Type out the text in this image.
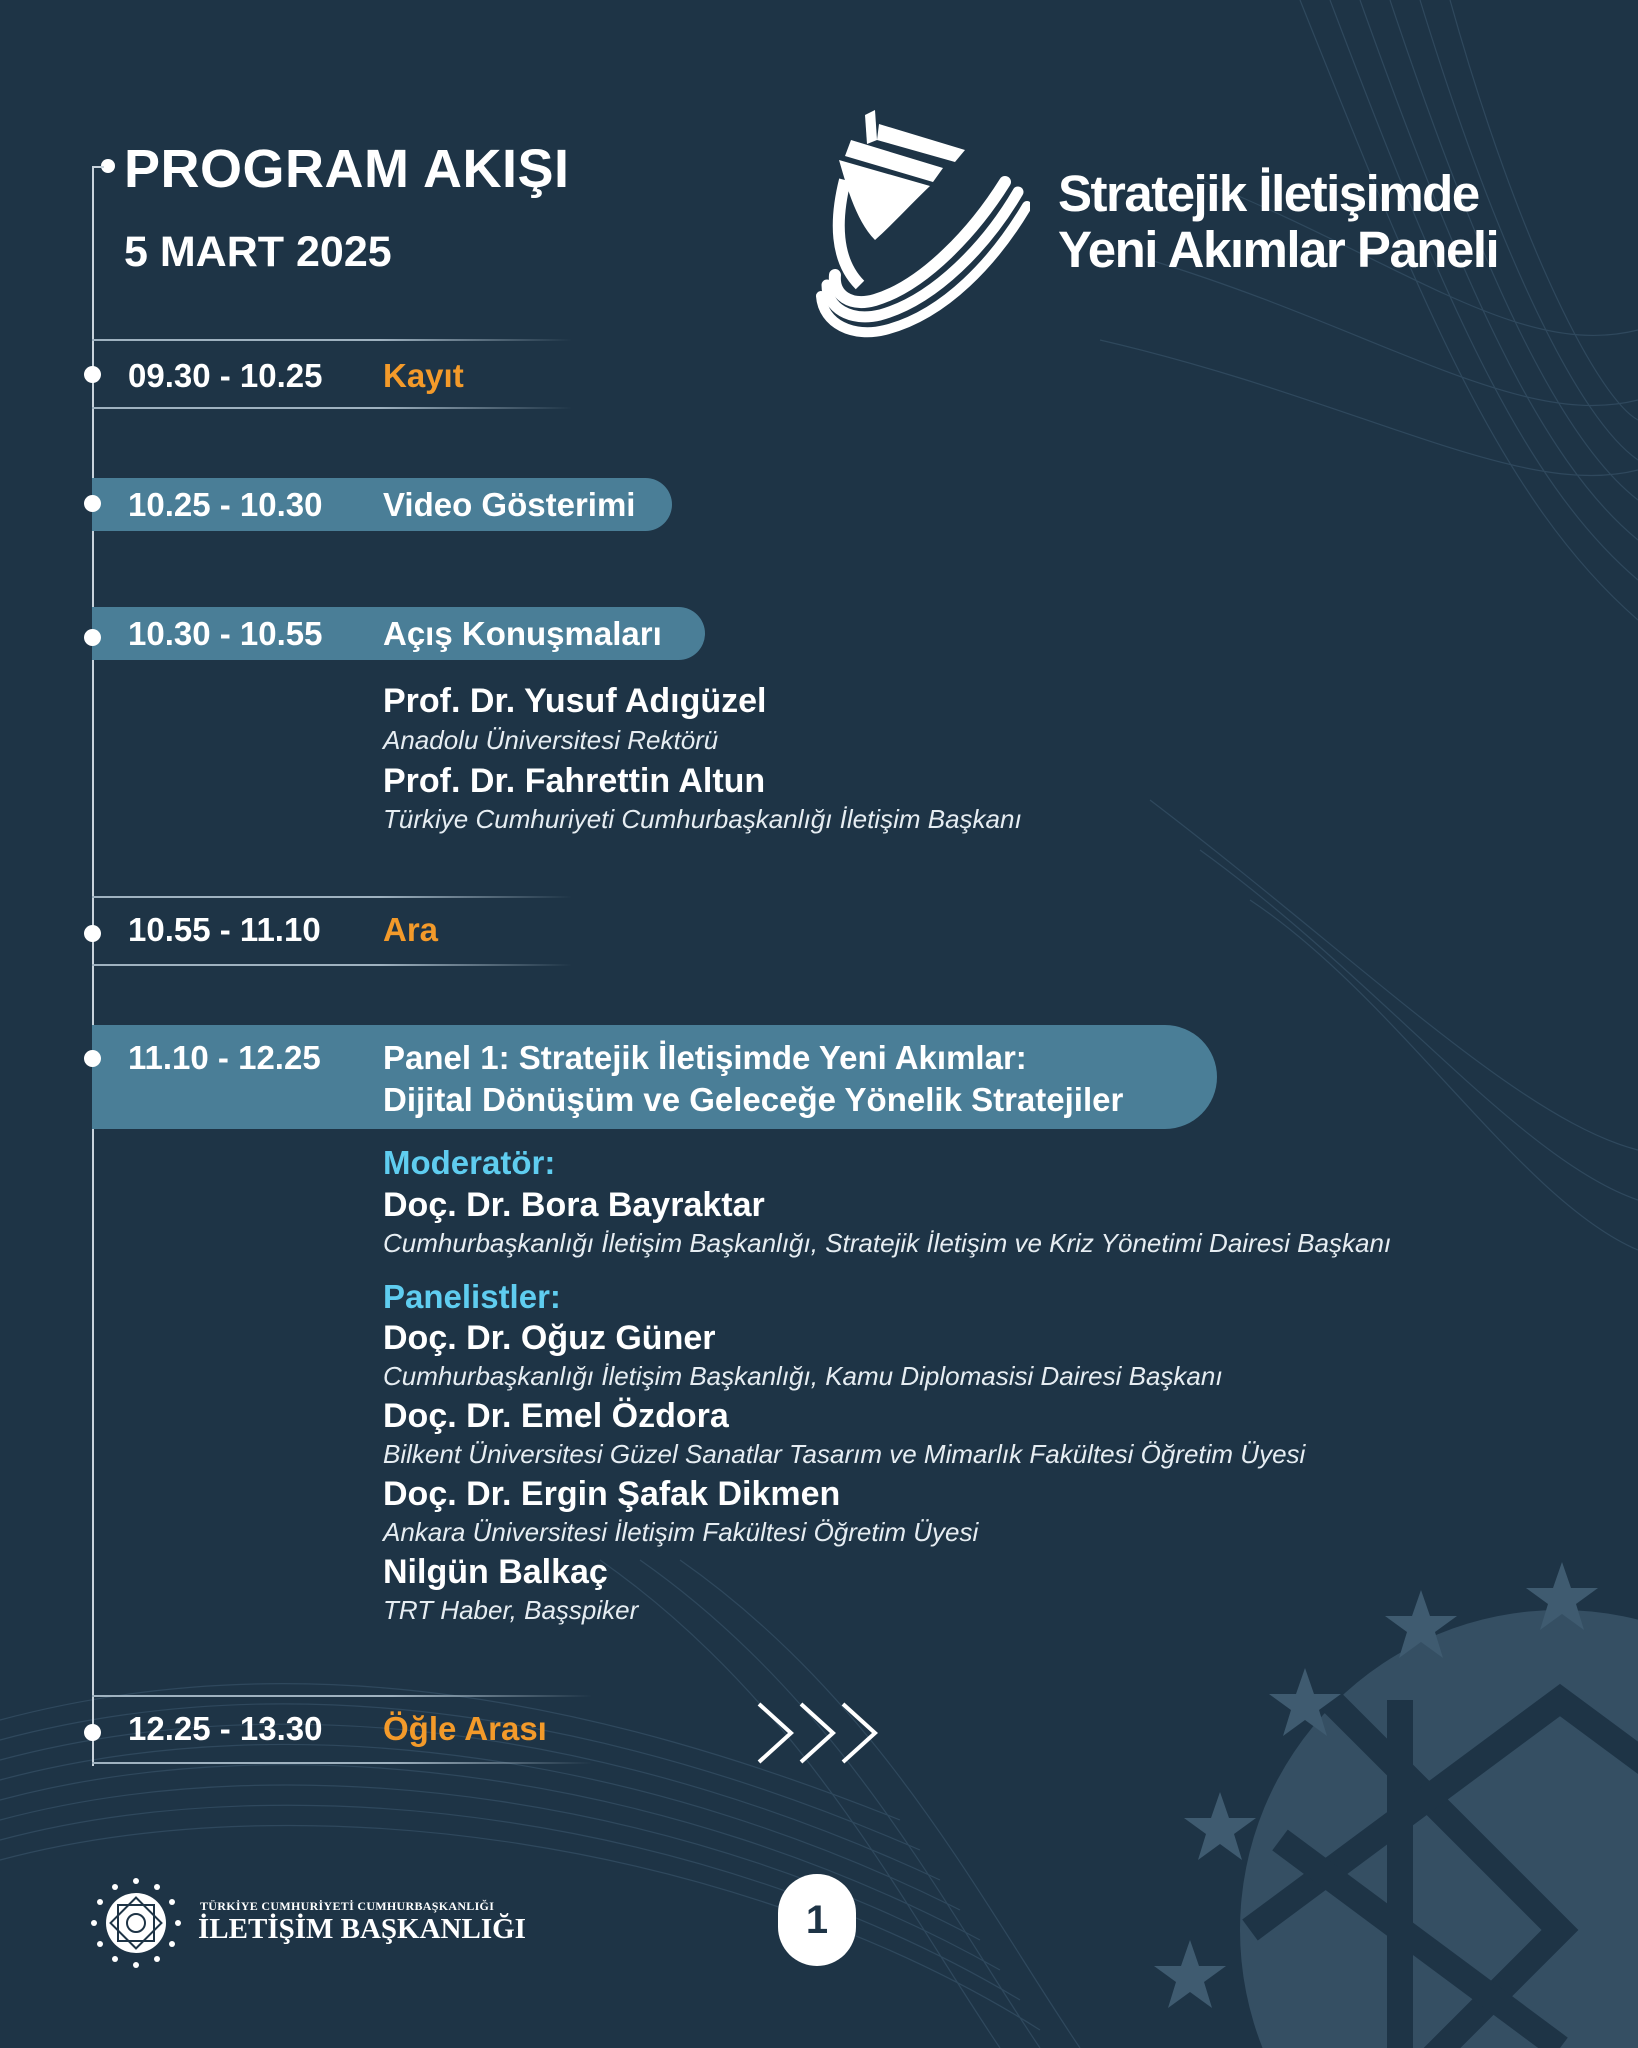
PROGRAM AKIŞI
5 MART 2025
Stratejik İletişimde
Yeni Akımlar Paneli
09.30 - 10.25 Kayıt
10.25 - 10.30 Video Gösterimi
10.30 - 10.55 Açış Konuşmaları
Prof. Dr. Yusuf Adıgüzel
Anadolu Üniversitesi Rektörü
Prof. Dr. Fahrettin Altun
Türkiye Cumhuriyeti Cumhurbaşkanlığı İletişim Başkanı
10.55 - 11.10 Ara
11.10 - 12.25 Panel 1: Stratejik İletişimde Yeni Akımlar:
Dijital Dönüşüm ve Geleceğe Yönelik Stratejiler
Moderatör:
Doç. Dr. Bora Bayraktar
Cumhurbaşkanlığı İletişim Başkanlığı, Stratejik İletişim ve Kriz Yönetimi Dairesi Başkanı
Panelistler:
Doç. Dr. Oğuz Güner
Cumhurbaşkanlığı İletişim Başkanlığı, Kamu Diplomasisi Dairesi Başkanı
Doç. Dr. Emel Özdora
Bilkent Üniversitesi Güzel Sanatlar Tasarım ve Mimarlık Fakültesi Öğretim Üyesi
Doç. Dr. Ergin Şafak Dikmen
Ankara Üniversitesi İletişim Fakültesi Öğretim Üyesi
Nilgün Balkaç
TRT Haber, Başspiker
12.25 - 13.30 Öğle Arası
TÜRKİYE CUMHURİYETİ CUMHURBAŞKANLIĞI
İLETİŞİM BAŞKANLIĞI	1
